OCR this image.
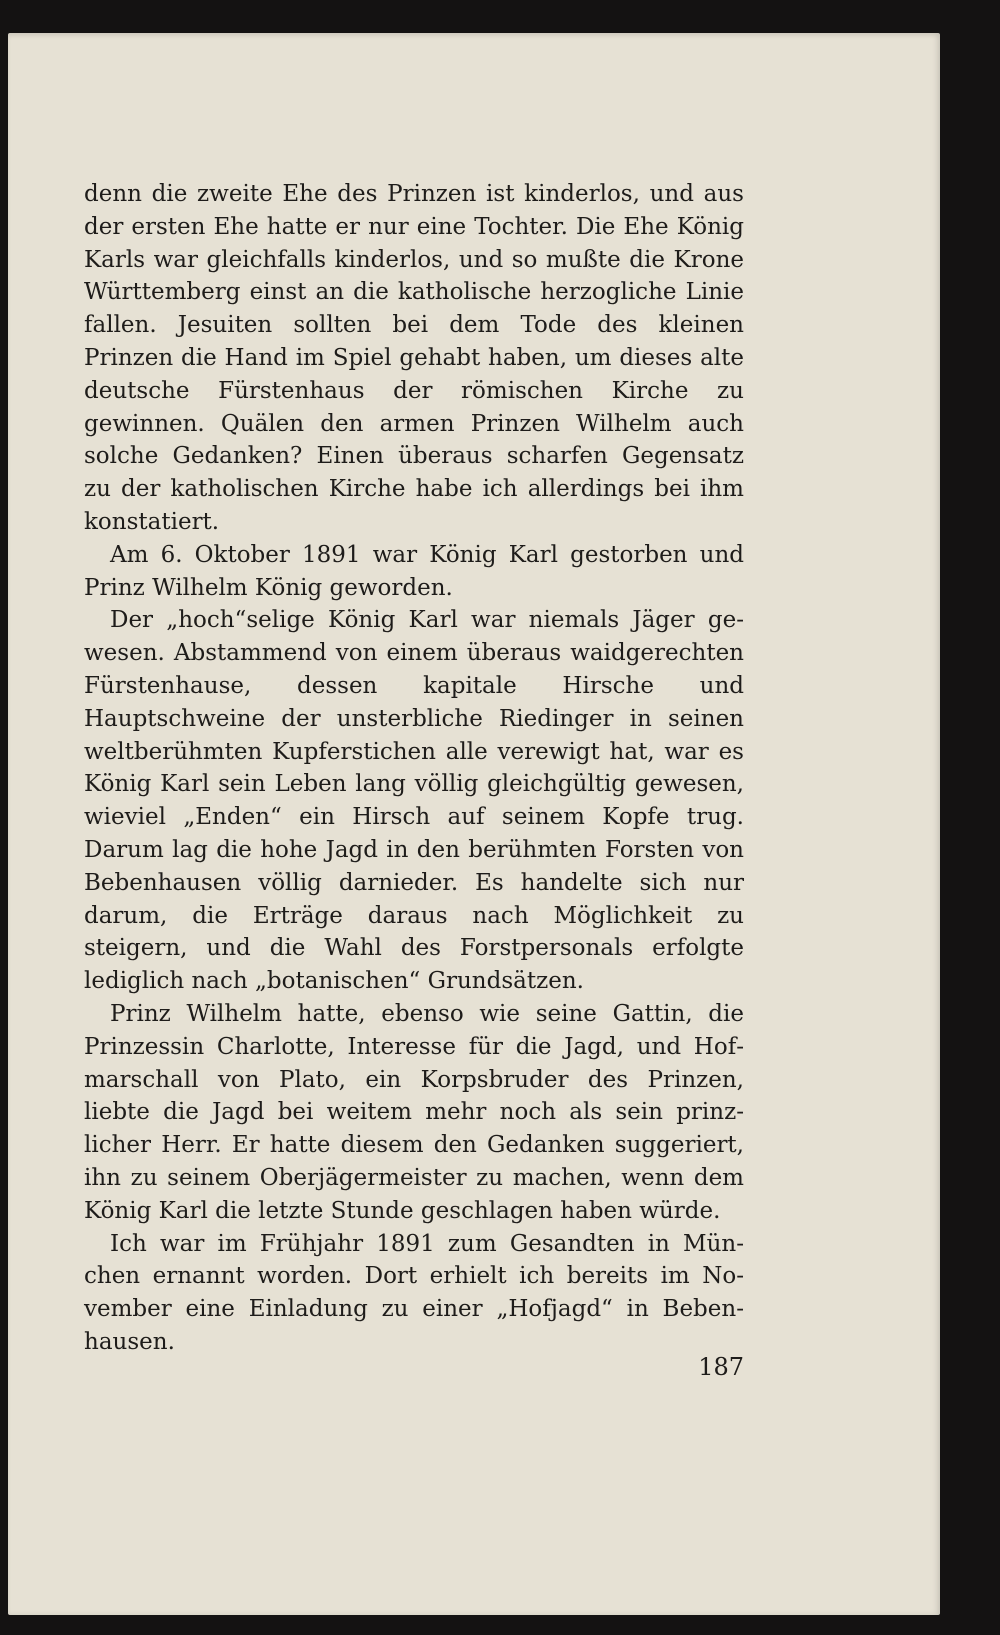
denn die zweite Ehe des Prinzen ist kinderlos, und aus der ersten Ehe hatte er nur eine Tochter. Die Ehe König Karls war gleichfalls kinderlos, und so mußte die Krone Württemberg einst an die katholische herzogliche Linie fallen. Jesuiten sollten bei dem Tode des kleinen Prinzen die Hand im Spiel gehabt haben, um dieses alte deutsche Fürstenhaus der römischen Kirche zu gewinnen. Quälen den armen Prinzen Wilhelm auch solche Gedanken? Einen überaus scharfen Gegensatz zu der katholischen Kirche habe ich allerdings bei ihm konstatiert.

Am 6. Oktober 1891 war König Karl gestorben und Prinz Wilhelm König geworden.

Der „hoch“selige König Karl war niemals Jäger gewesen. Abstammend von einem überaus waidgerechten Fürstenhause, dessen kapitale Hirsche und Hauptschweine der unsterbliche Riedinger in seinen weltberühmten Kupferstichen alle verewigt hat, war es König Karl sein Leben lang völlig gleichgültig gewesen, wieviel „Enden“ ein Hirsch auf seinem Kopfe trug. Darum lag die hohe Jagd in den berühmten Forsten von Bebenhausen völlig darnieder. Es handelte sich nur darum, die Erträge daraus nach Möglichkeit zu steigern, und die Wahl des Forstpersonals erfolgte lediglich nach „botanischen“ Grundsätzen.

Prinz Wilhelm hatte, ebenso wie seine Gattin, die Prinzessin Charlotte, Interesse für die Jagd, und Hofmarschall von Plato, ein Korpsbruder des Prinzen, liebte die Jagd bei weitem mehr noch als sein prinzlicher Herr. Er hatte diesem den Gedanken suggeriert, ihn zu seinem Oberjägermeister zu machen, wenn dem König Karl die letzte Stunde geschlagen haben würde.

Ich war im Frühjahr 1891 zum Gesandten in München ernannt worden. Dort erhielt ich bereits im November eine Einladung zu einer „Hofjagd“ in Bebenhausen.

187
